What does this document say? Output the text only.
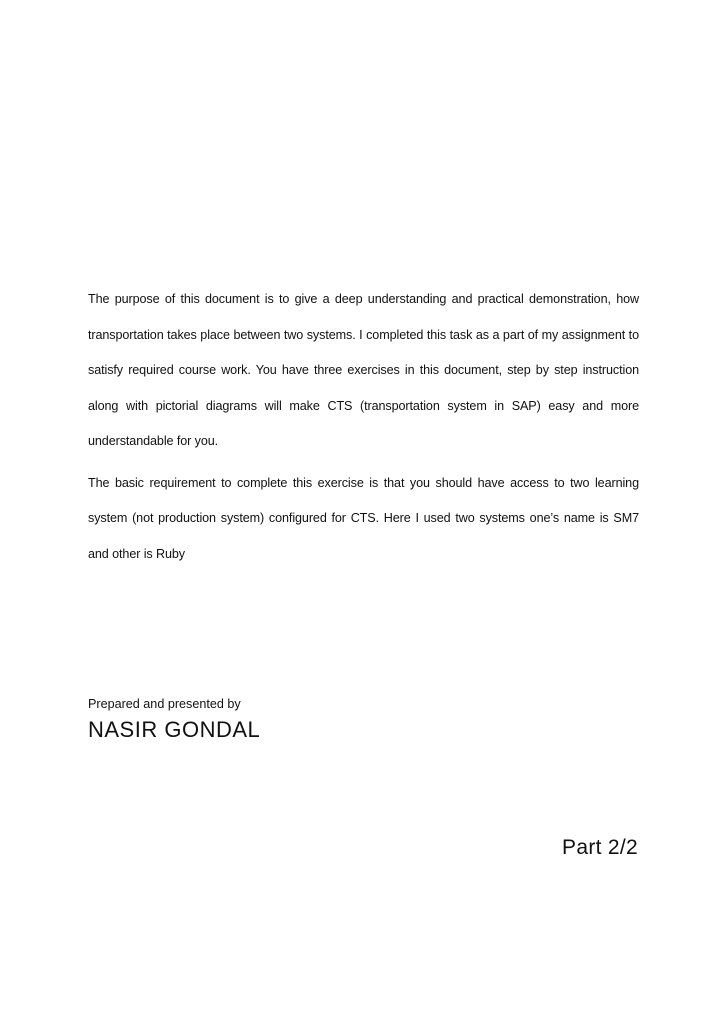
The purpose of this document is to give a deep understanding and practical demonstration, how transportation takes place between two systems. I completed this task as a part of my assignment to satisfy required course work. You have three exercises in this document, step by step instruction along with pictorial diagrams will make CTS (transportation system in SAP) easy and more understandable for you.

The basic requirement to complete this exercise is that you should have access to two learning system (not production system) configured for CTS. Here I used two systems one’s name is SM7 and other is Ruby

Prepared and presented by

NASIR GONDAL

Part 2/2
